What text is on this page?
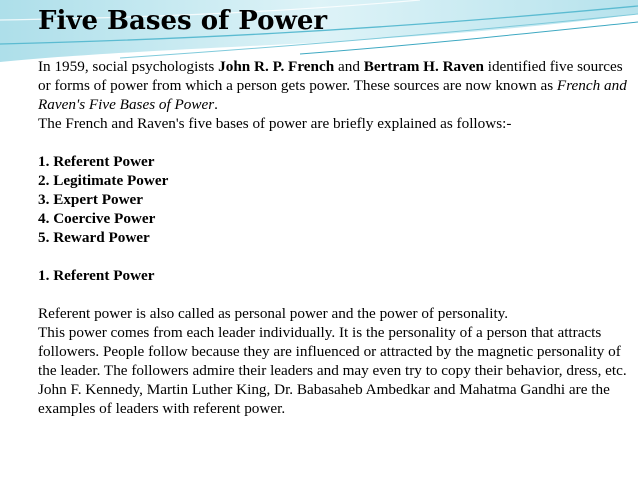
Five Bases of Power

In 1959, social psychologists John R. P. French and Bertram H. Raven identified five sources or forms of power from which a person gets power. These sources are now known as French and Raven's Five Bases of Power.

The French and Raven's five bases of power are briefly explained as follows:-

1. Referent Power

2. Legitimate Power

3. Expert Power

4. Coercive Power

5. Reward Power

1. Referent Power

Referent power is also called as personal power and the power of personality.

This power comes from each leader individually. It is the personality of a person that attracts followers. People follow because they are influenced or attracted by the magnetic personality of the leader. The followers admire their leaders and may even try to copy their behavior, dress, etc. John F. Kennedy, Martin Luther King, Dr. Babasaheb Ambedkar and Mahatma Gandhi are the examples of leaders with referent power.
